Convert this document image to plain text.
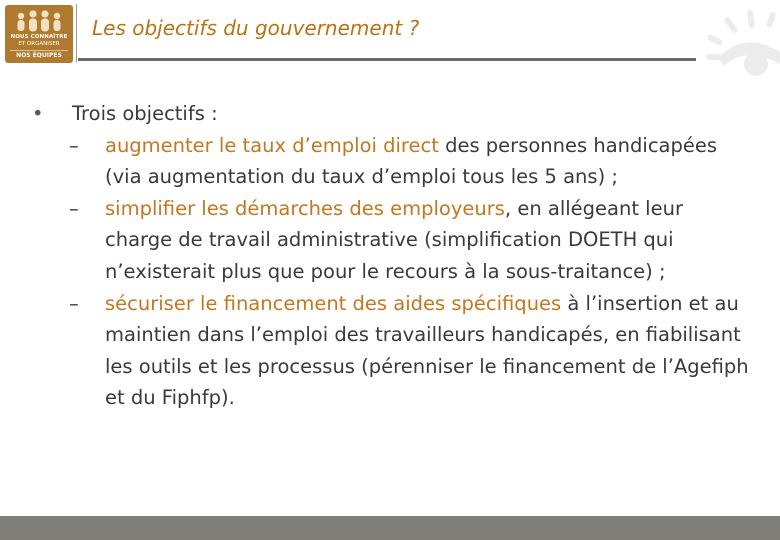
NOUS CONNAÎTRE
ET ORGANISER
NOS ÉQUIPES
Les objectifs du gouvernement ?
•	Trois objectifs :
– augmenter le taux d’emploi direct des personnes handicapées (via augmentation du taux d’emploi tous les 5 ans) ;
– simplifier les démarches des employeurs, en allégeant leur charge de travail administrative (simplification DOETH qui n’existerait plus que pour le recours à la sous-traitance) ;
– sécuriser le financement des aides spécifiques à l’insertion et au maintien dans l’emploi des travailleurs handicapés, en fiabilisant les outils et les processus (pérenniser le financement de l’Agefiph et du Fiphfp).
